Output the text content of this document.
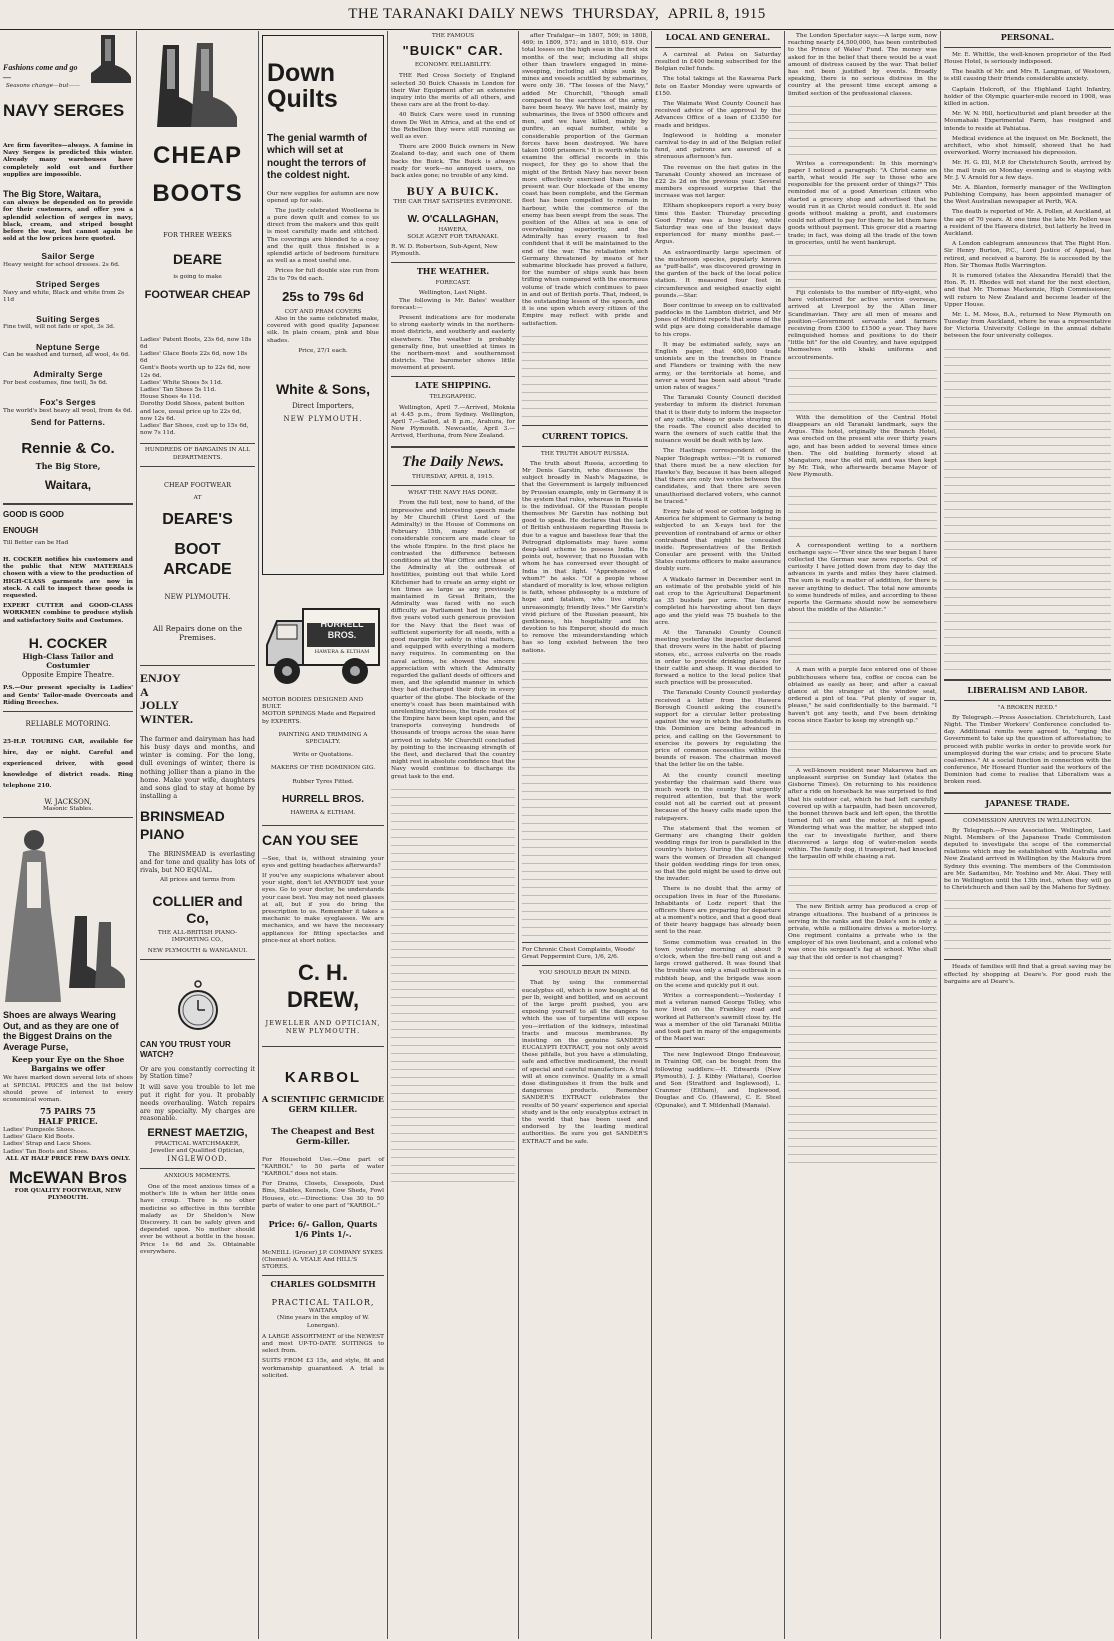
THE TARANAKI DAILY NEWS
THURSDAY,
APRIL 8, 1915
Fashions come and go—
Seasons change—but——
NAVY SERGES
Are firm favorites—always. A famine in Navy Serges is predicted this winter. Already many warehouses have completely sold out and further supplies are impossible.
The Big Store, Waitara,
can always be depended on to provide for their customers, and offer you a splendid selection of serges in navy, black, cream, and striped bought before the war, but cannot again be sold at the low prices here quoted.
Sailor Serge
Heavy weight for school dresses. 2s 6d.
Striped Serges
Navy and white, Black and white from 2s 11d
Suiting Serges
Fine twill, will not fade or spot, 3s 3d.
Neptune Serge
Can be washed and turned, all wool, 4s 6d.
Admiralty Serge
For best costumes, fine twill, 5s 6d.
Fox's Serges
The world's best heavy all wool, from 4s 6d.
Send for Patterns.
Rennie & Co.
The Big Store,
Waitara,
GOOD IS GOOD
ENOUGH
Till Better can be Had
H. COCKER notifies his customers and the public that NEW MATERIALS chosen with a view to the production of HIGH-CLASS garments are now in stock. A call to inspect these goods is requested.
EXPERT CUTTER and GOOD-CLASS WORKMEN combine to produce stylish and satisfactory Suits and Costumes.
H. COCKER
High-Class Tailor and Costumier
Opposite Empire Theatre.
P.S.—Our present specialty is Ladies' and Gents' Tailor-made Overcoats and Riding Breeches.
RELIABLE MOTORING.
25-H.P. TOURING CAR, available for hire, day or night. Careful and experienced driver, with good knowledge of district roads. Ring telephone 210.
W. JACKSON,
Masonic Stables.
Shoes are always Wearing Out, and as they are one of the Biggest Drains on the Average Purse,
Keep your Eye on the Shoe Bargains we offer
We have marked down several lots of shoes at SPECIAL PRICES and the list below should prove of interest to every economical woman.
75 PAIRS 75
HALF PRICE.
Ladies' Pumpsole Shoes.
Ladies' Glace Kid Boots.
Ladies' Strap and Lace Shoes.
Ladies' Tan Boots and Shoes.
ALL AT HALF PRICE FEW DAYS ONLY.
McEWAN Bros
FOR QUALITY FOOTWEAR, NEW PLYMOUTH.
CHEAP
BOOTS
FOR THREE WEEKS
DEARE
is going to make
FOOTWEAR CHEAP
Ladies' Patent Boots, 23s 6d, now 18s 6d
Ladies' Glace Boots 22s 6d, now 18s 6d
Gent's Boots worth up to 22s 6d, now 12s 6d.
Ladies' White Shoes 5s 11d.
Ladies' Tan Shoes 5s 11d.
House Shoes 4s 11d.
Dorothy Dodd Shoes, patent button and lace, usual price up to 22s 6d, now 12s 6d.
Ladies' Bar Shoes, cost up to 15s 6d, now 7s 11d.
HUNDREDS OF BARGAINS IN ALL DEPARTMENTS.
CHEAP FOOTWEAR
AT
DEARE'S
BOOT ARCADE
NEW PLYMOUTH.
All Repairs done on the Premises.
ENJOY
A
JOLLY
WINTER.
The farmer and dairyman has had his busy days and months, and winter is coming. For the long, dull evenings of winter, there is nothing jollier than a piano in the home. Make your wife, daughters and sons glad to stay at home by installing a
BRINSMEAD
PIANO
The BRINSMEAD is everlasting and for tone and quality has lots of rivals, but NO EQUAL.
All prices and terms from
COLLIER and Co,
THE ALL-BRITISH PIANO-IMPORTING CO.,
NEW PLYMOUTH & WANGANUI.
CAN YOU TRUST YOUR WATCH?
Or are you constantly correcting it by Station time?
It will save you trouble to let me put it right for you. It probably needs overhauling. Watch repairs are my specialty. My charges are reasonable.
ERNEST MAETZIG,
PRACTICAL WATCHMAKER,
Jeweller and Qualified Optician,
INGLEWOOD.
ANXIOUS MOMENTS.
One of the most anxious times of a mother's life is when her little ones have croup. There is no other medicine so effective in this terrible malady as Dr Sheldon's New Discovery. It can be safely given and depended upon. No mother should ever be without a bottle in the house. Price 1s 6d and 3s. Obtainable everywhere.
Down
Quilts
The genial warmth of which will set at nought the terrors of the coldest night.
Our new supplies for autumn are now opened up for sale.
The justly celebrated Woolleena is a pure down quilt and comes to us direct from the makers and this quilt is most carefully made and stitched. The coverings are blended to a cosy and the quilt thus finished is a splendid article of bedroom furniture as well as a most useful one.
Prices for full double size run from 25s to 79s 6d each.
25s to 79s 6d
COT AND PRAM COVERS
Also in the same celebrated make, covered with good quality Japanese silk. In plain cream, pink and blue shades.
Price, 27/1 each.
White & Sons,
Direct Importers,
NEW PLYMOUTH.
HURRELL
BROS.
HAWERA & ELTHAM
MOTOR BODIES DESIGNED AND BUILT.
MOTOR SPRINGS Made and Repaired by EXPERTS.
PAINTING AND TRIMMING A SPECIALTY.
Write or Quotations.
MAKERS OF THE DOMINION GIG.
Rubber Tyres Fitted.
HURRELL BROS.
HAWERA & ELTHAM.
CAN YOU SEE
—See, that is, without straining your eyes and getting headaches afterwards?
If you've any suspicions whatever about your sight, don't let ANYBODY test your eyes. Go to your doctor, he understands your case best. You may not need glasses at all, but if you do bring the prescription to us. Remember it takes a mechanic to make eyeglasses. We are mechanics, and we have the necessary appliances for fitting spectacles and pince-nez at short notice.
C. H. DREW,
JEWELLER AND OPTICIAN, NEW PLYMOUTH.
KARBOL
A SCIENTIFIC GERMICIDE GERM KILLER.
The Cheapest and Best Germ-killer.
For Household Use.—One part of "KARBOL" to 50 parts of water "KARBOL" does not stain.
For Drains, Closets, Cesspools, Dust Bins, Stables, Kennels, Cow Sheds, Fowl Houses, etc.—Directions: Use 30 to 50 parts of water to one part of "KARBOL."
Price: 6/- Gallon, Quarts 1/6 Pints 1/-.
McNEILL (Grocer) J.P. COMPANY SYKES (Chemist) A. VEALE And HILL'S STORES.
CHARLES GOLDSMITH
PRACTICAL TAILOR,
WAITARA
(Nine years in the employ of W. Lonergan).
A LARGE ASSORTMENT of the NEWEST and most UP-TO-DATE SUITINGS to select from.
SUITS FROM £3 15s, and style, fit and workmanship guaranteed. A trial is solicited.
THE FAMOUS
"BUICK" CAR.
ECONOMY. RELIABILITY.
THE Red Cross Society of England selected 30 Buick Chassis in London for their War Equipment after an extensive inquiry into the merits of all others, and these cars are at the front to-day.
40 Buick Cars were used in running down De Wet in Africa, and at the end of the Rebellion they were still running as well as ever.
There are 2000 Buick owners in New Zealand to-day, and each one of them backs the Buick. The Buick is always ready for work—no annoyed users, no back axles gone; no trouble of any kind.
BUY A BUICK.
THE CAR THAT SATISFIES EVERYONE.
W. O'CALLAGHAN,
HAWERA,
SOLE AGENT FOR TARANAKI.
R. W. D. Robertson, Sub-Agent, New Plymouth.
THE WEATHER.
FORECAST.
Wellington, Last Night.
The following is Mr. Bates' weather forecast:—
Present indications are for moderate to strong easterly winds in the northern-most districts, and southerly and easterly elsewhere. The weather is probably generally fine, but unsettled at times in the northern-most and southernmost districts. The barometer shows little movement at present.
LATE SHIPPING.
TELEGRAPHIC.
Wellington, April 7.—Arrived, Moknia at 4.45 p.m., from Sydney. Wellington, April 7.—Sailed, at 8 p.m., Arahura, for New Plymouth. Newcastle, April 3.—Arrived, Herihuna, from New Zealand.
The Daily News.
THURSDAY, APRIL 8, 1915.
WHAT THE NAVY HAS DONE.
From the full text, now to hand, of the impressive and interesting speech made by Mr Churchill (First Lord of the Admiralty) in the House of Commons on February 15th, many matters of considerable concern are made clear to the whole Empire. In the first place he contrasted the difference between conditions at the War Office and those at the Admiralty at the outbreak of hostilities, pointing out that while Lord Kitchener had to create an army eight or ten times as large as any previously maintained in Great Britain, the Admiralty was faced with no such difficulty as Parliament had in the last five years voted such generous provision for the Navy that the fleet was of sufficient superiority for all needs, with a good margin for safety in vital matters, and equipped with everything a modern navy requires. In commenting on the naval actions, he showed the sincere appreciation with which the Admiralty regarded the gallant deeds of officers and men, and the splendid manner in which they had discharged their duty in every quarter of the globe. The blockade of the enemy's coast has been maintained with unrelenting strictness, the trade routes of the Empire have been kept open, and the transports conveying hundreds of thousands of troops across the seas have arrived in safety. Mr Churchill concluded by pointing to the increasing strength of the fleet, and declared that the country might rest in absolute confidence that the Navy would continue to discharge its great task to the end.
after Trafalgar—in 1807, 509; in 1808, 469; in 1809, 571; and in 1810, 619. Our total losses on the high seas in the first six months of the war, including all ships other than trawlers engaged in mine-sweeping, including all ships sunk by mines and vessels scuttled by submarines, were only 36. "The losses of the Navy," added Mr Churchill, "though small compared to the sacrifices of the army, have been heavy. We have lost, mainly by submarines, the lives of 5500 officers and men, and we have killed, mainly by gunfire, an equal number, while a considerable proportion of the German forces have been destroyed. We have taken 1000 prisoners." It is worth while to examine the official records in this respect, for they go to show that the might of the British Navy has never been more effectively exercised than in the present war. Our blockade of the enemy coast has been complete, and the German fleet has been compelled to remain in harbour, while the commerce of the enemy has been swept from the seas. The position of the Allies at sea is one of overwhelming superiority, and the Admiralty has every reason to feel confident that it will be maintained to the end of the war. The retaliation which Germany threatened by means of her submarine blockade has proved a failure, for the number of ships sunk has been trifling when compared with the enormous volume of trade which continues to pass in and out of British ports. That, indeed, is the outstanding lesson of the speech, and it is one upon which every citizen of the Empire may reflect with pride and satisfaction.
CURRENT TOPICS.
THE TRUTH ABOUT RUSSIA.
The truth about Russia, according to Mr Denis Garstin, who discusses the subject broadly in Nash's Magazine, is that the Government is largely influenced by Prussian example, only in Germany it is the system that rules, whereas in Russia it is the individual. Of the Russian people themselves Mr Garstin has nothing but good to speak. He declares that the lack of British enthusiasm regarding Russia is due to a vague and baseless fear that the Petrograd diplomatists may have some deep-laid scheme to possess India. He points out, however, that no Russian with whom he has conversed ever thought of India in that light. "Apprehensive of whom?" he asks. "Of a people whose standard of morality is low, whose religion is faith, whose philosophy is a mixture of hope and fatalism, who live simply, unreasoningly, friendly lives." Mr Garstin's vivid picture of the Russian peasant, his gentleness, his hospitality and his devotion to his Emperor, should do much to remove the misunderstanding which has so long existed between the two nations.
For Chronic Chest Complaints, Woods' Great Peppermint Cure, 1/6, 2/6.
YOU SHOULD BEAR IN MIND.
That by using the commercial eucalyptus oil, which is now bought at 6d per lb, weight and bottled, and on account of the large profit pushed, you are exposing yourself to all the dangers to which the use of turpentine will expose you—irritation of the kidneys, intestinal tracts and mucous membranes. By insisting on the genuine SANDER'S EUCALYPTI EXTRACT, you not only avoid these pitfalls, but you have a stimulating, safe and effective medicament, the result of special and careful manufacture. A trial will at once convince. Quality in a small dose distinguishes it from the bulk and dangerous products. Remember SANDER'S EXTRACT celebrates the results of 50 years' experience and special study and is the only eucalyptus extract in the world that has been used and endorsed by the leading medical authorities. Be sure you get SANDER'S EXTRACT and be safe.
LOCAL AND GENERAL.
A carnival at Patea on Saturday resulted in £400 being subscribed for the Belgian relief funds.
The total takings at the Kawaroa Park fete on Easter Monday were upwards of £150.
The Waimate West County Council has received advice of the approval by the Advances Office of a loan of £3350 for roads and bridges.
Inglewood is holding a monster carnival to-day in aid of the Belgian relief fund, and patrons are assured of a strenuous afternoon's fun.
The revenue on the fast gates in the Taranaki County showed an increase of £22 2s 2d on the previous year. Several members expressed surprise that the increase was not larger.
Eltham shopkeepers report a very busy time this Easter. Thursday preceding Good Friday was a busy day, while Saturday was one of the busiest days experienced for many months past.—Argus.
An extraordinarily large specimen of the mushroom species, popularly known as "puff-balls", was discovered growing in the garden of the back of the local police station. It measured four feet in circumference and weighed exactly eight pounds.—Star.
Boer continue to sweep on to cultivated paddocks in the Lambton district, and Mr Jones of Midhirst reports that some of the wild pigs are doing considerable damage to his crops.
It may be estimated safely, says an English paper, that 400,000 trade unionists are in the trenches in France and Flanders or training with the new army, or the territorials at home, and never a word has been said about "trade union rates of wages."
The Taranaki County Council decided yesterday to inform its district foreman that it is their duty to inform the inspector of any cattle, sheep or goats straying on the roads. The council also decided to warn the owners of such cattle that the nuisance would be dealt with by law.
The Hastings correspondent of the Napier Telegraph writes:—"It is rumored that there must be a new election for Hawke's Bay, because it has been alleged that there are only two votes between the candidates, and that there are seven unauthorised declared voters, who cannot be traced."
Every bale of wool or cotton lodging in America for shipment to Germany is being subjected to an X-rays test for the prevention of contraband of arms or other contraband that might be concealed inside. Representatives of the British Consular are present with the United States customs officers to make assurance doubly sure.
A Waikato farmer in December sent in an estimate of the probable yield of his oat crop to the Agricultural Department as 35 bushels per acre. The farmer completed his harvesting about ten days ago and the yield was 75 bushels to the acre.
At the Taranaki County Council meeting yesterday the inspector declared that drovers were in the habit of placing stones, etc., across culverts on the roads in order to provide drinking places for their cattle and sheep. It was decided to forward a notice to the local police that such practice will be prosecuted.
The Taranaki County Council yesterday received a letter from the Hawera Borough Council asking the council's support for a circular letter protesting against the way in which the foodstuffs in this Dominion are being advanced in price, and calling on the Government to exercise its powers by regulating the price of common necessities within the bounds of reason. The chairman moved that the letter lie on the table.
At the county council meeting yesterday the chairman said there was much work in the county that urgently required attention, but that the work could not all be carried out at present because of the heavy calls made upon the ratepayers.
The statement that the women of Germany are changing their golden wedding rings for iron is paralleled in the country's history. During the Napoleonic wars the women of Dresden all changed their golden wedding rings for iron ones, so that the gold might be used to drive out the invader.
There is no doubt that the army of occupation lives in fear of the Russians. Inhabitants of Lodz report that the officers there are preparing for departure at a moment's notice, and that a good deal of their heavy baggage has already been sent to the rear.
Some commotion was created in the town yesterday morning at about 9 o'clock, when the fire-bell rang out and a large crowd gathered. It was found that the trouble was only a small outbreak in a rubbish heap, and the brigade was soon on the scene and quickly put it out.
Writes a correspondent:—Yesterday I met a veteran named George Tolley, who now lived on the Frankley road and worked at Patterson's sawmill close by. He was a member of the old Taranaki Militia and took part in many of the engagements of the Maori war.
The new Inglewood Dingo Endeavour, in Training Off, can be bought from the following saddlers:—H. Edwards (New Plymouth), J. J. Kibby (Waitara), Coerlee and Son (Stratford and Inglewood), L. Cranmer (Eltham), and Inglewood, Douglas and Co. (Hawera), C. E. Steel (Opunake), and T. Mildenhall (Manaia).
The London Spectator says:—A large sum, now reaching nearly £4,500,000, has been contributed to the Prince of Wales' Fund. The money was asked for in the belief that there would be a vast amount of distress caused by the war. That belief has not been justified by events. Broadly speaking, there is no serious distress in the country at the present time except among a limited section of the professional classes.
Writes a correspondent: In this morning's paper I noticed a paragraph: "A Christ came on earth, what would He say to those who are responsible for the present order of things?" This reminded me of a good American citizen who started a grocery shop and advertised that he would run it as Christ would conduct it. He sold goods without making a profit, and customers could not afford to pay for them; he let them have goods without payment. This grocer did a roaring trade; in fact, was doing all the trade of the town in groceries, until he went bankrupt.
Fiji colonists to the number of fifty-eight, who have volunteered for active service overseas, arrived at Liverpool by the Allan liner Scandinavian. They are all men of means and position—Government servants and farmers receiving from £300 to £1500 a year. They have relinquished homes and positions to do their "little bit" for the old Country, and have equipped themselves with khaki uniforms and accoutrements.
With the demolition of the Central Hotel disappears an old Taranaki landmark, says the Argus. This hotel, originally the Branch Hotel, was erected on the present site over thirty years ago, and has been added to several times since then. The old building formerly stood at Mangatoro, near the old mill, and was then kept by Mr. Tisk, who afterwards became Mayor of New Plymouth.
A correspondent writing to a northern exchange says:—"Ever since the war began I have collected the German war news reports. Out of curiosity I have jotted down from day to day the advances in yards and miles they have claimed. The sum is really a matter of addition, for there is never anything to deduct. The total now amounts to some hundreds of miles, and according to these reports the Germans should now be somewhere about the middle of the Atlantic."
A man with a purple face entered one of those publichouses where tea, coffee or cocoa can be obtained as easily as beer, and after a casual glance at the stranger at the window seat, ordered a pint of tea. "Put plenty of sugar in, please," he said confidentially to the barmaid. "I haven't got any teeth, and I've been drinking cocoa since Easter to keep my strength up."
A well-known resident near Makarewa had an unpleasant surprise on Sunday last (states the Gisborne Times). On returning to his residence after a ride on horseback he was surprised to find that his outdoor cat, which he had left carefully covered up with a tarpaulin, had been uncovered, the bonnet thrown back and left open, the throttle turned full on and the motor at full speed. Wondering what was the matter, he stepped into the car to investigate further, and there discovered a large dog of water-melon seeds within. The family dog, it transpired, had knocked the tarpaulin off while chasing a rat.
The new British army has produced a crop of strange situations. The husband of a princess is serving in the ranks and the Duke's son is only a private, while a millionaire drives a motor-lorry. One regiment contains a private who is the employer of his own lieutenant, and a colonel who was once his sergeant's fag at school. Who shall say that the old order is not changing?
PERSONAL.
Mr. E. Whittle, the well-known proprietor of the Red House Hotel, is seriously indisposed.
The health of Mr. and Mrs R. Langman, of Westown, is still causing their friends considerable anxiety.
Captain Holcroft, of the Highland Light Infantry, holder of the Olympic quarter-mile record in 1908, was killed in action.
Mr. W. N. Hill, horticulturist and plant breeder at the Moumahaki Experimental Farm, has resigned and intends to reside at Pahiatua.
Medical evidence at the inquest on Mr. Bocknett, the architect, who shot himself, showed that he had overworked. Worry increased his depression.
Mr. H. G. Ell, M.P. for Christchurch South, arrived by the mail train on Monday evening and is staying with Mr. J. V. Arnold for a few days.
Mr. A. Blanton, formerly manager of the Wellington Publishing Company, has been appointed manager of the West Australian newspaper at Perth, W.A.
The death is reported of Mr. A. Pollen, at Auckland, at the age of 70 years. At one time the late Mr. Pollen was a resident of the Hawera district, but latterly he lived in Auckland.
A London cablegram announces that The Right Hon. Sir Henry Burton, P.C., Lord Justice of Appeal, has retired, and received a barony. He is succeeded by the Hon. Sir Thomas Rolls Warrington.
It is rumored (states the Alexandra Herald) that the Hon. R. H. Rhodes will not stand for the next election, and that Mr. Thomas Mackenzie, High Commissioner, will return to New Zealand and become leader of the Upper House.
Mr. L. M. Moss, B.A., returned to New Plymouth on Tuesday from Auckland, where he was a representative for Victoria University College in the annual debate between the four university colleges.
LIBERALISM AND LABOR.
"A BROKEN REED."
By Telegraph.—Press Association. Christchurch, Last Night. The Timber Workers' Conference concluded to-day. Additional remits were agreed to, "urging the Government to take up the question of afforestation; to proceed with public works in order to provide work for unemployed during the war crisis; and to procure State coal-mines." At a social function in connection with the conference, Mr Howard Hunter said the workers of the Dominion had come to realise that Liberalism was a broken reed.
JAPANESE TRADE.
COMMISSION ARRIVES IN WELLINGTON.
By Telegraph.—Press Association. Wellington, Last Night. Members of the Japanese Trade Commission deputed to investigate the scope of the commercial relations which may be established with Australia and New Zealand arrived in Wellington by the Makura from Sydney this evening. The members of the Commission are Mr. Sadamitsu, Mr. Yoshino and Mr. Akai. They will be in Wellington until the 13th inst., when they will go to Christchurch and then sail by the Maheno for Sydney.
Heads of families will find that a great saving may be effected by shopping at Deare's. For good rush the bargains are at Deare's.
